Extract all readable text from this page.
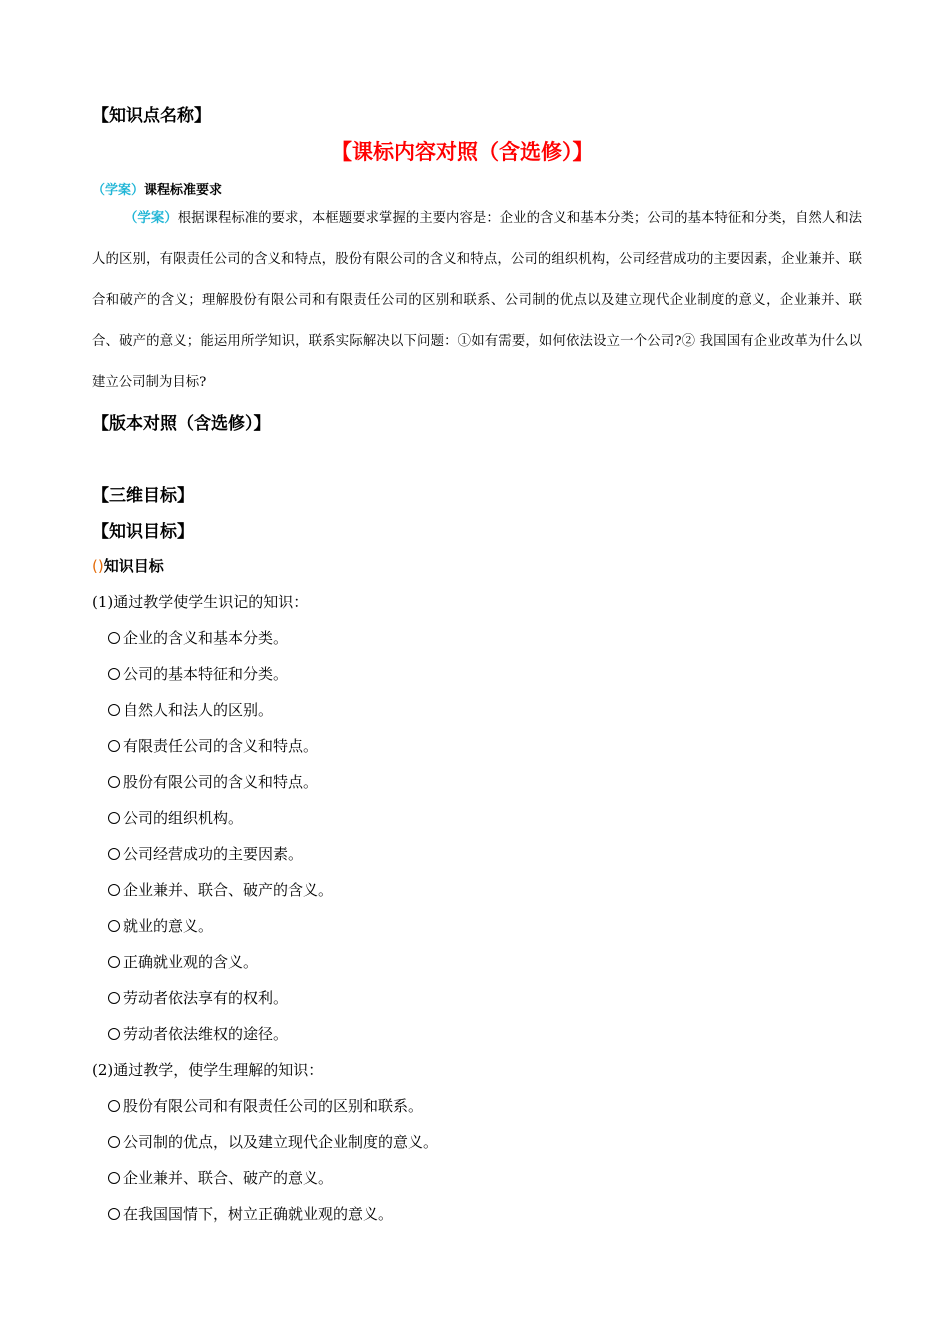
【知识点名称】
【课标内容对照（含选修）】
（学案）课程标准要求
（学案）根据课程标准的要求，本框题要求掌握的主要内容是：企业的含义和基本分类；公司的基本特征和分类，自然人和法人的区别，有限责任公司的含义和特点，股份有限公司的含义和特点，公司的组织机构，公司经营成功的主要因素，企业兼并、联合和破产的含义；理解股份有限公司和有限责任公司的区别和联系、公司制的优点以及建立现代企业制度的意义，企业兼并、联合、破产的意义；能运用所学知识，联系实际解决以下问题：①如有需要，如何依法设立一个公司?② 我国国有企业改革为什么以建立公司制为目标?
【版本对照（含选修）】
【三维目标】
【知识目标】
()知识目标
(1)通过教学使学生识记的知识：
企业的含义和基本分类。
公司的基本特征和分类。
自然人和法人的区别。
有限责任公司的含义和特点。
股份有限公司的含义和特点。
公司的组织机构。
公司经营成功的主要因素。
企业兼并、联合、破产的含义。
就业的意义。
正确就业观的含义。
劳动者依法享有的权利。
劳动者依法维权的途径。
(2)通过教学，使学生理解的知识：
股份有限公司和有限责任公司的区别和联系。
公司制的优点，以及建立现代企业制度的意义。
企业兼并、联合、破产的意义。
在我国国情下，树立正确就业观的意义。
